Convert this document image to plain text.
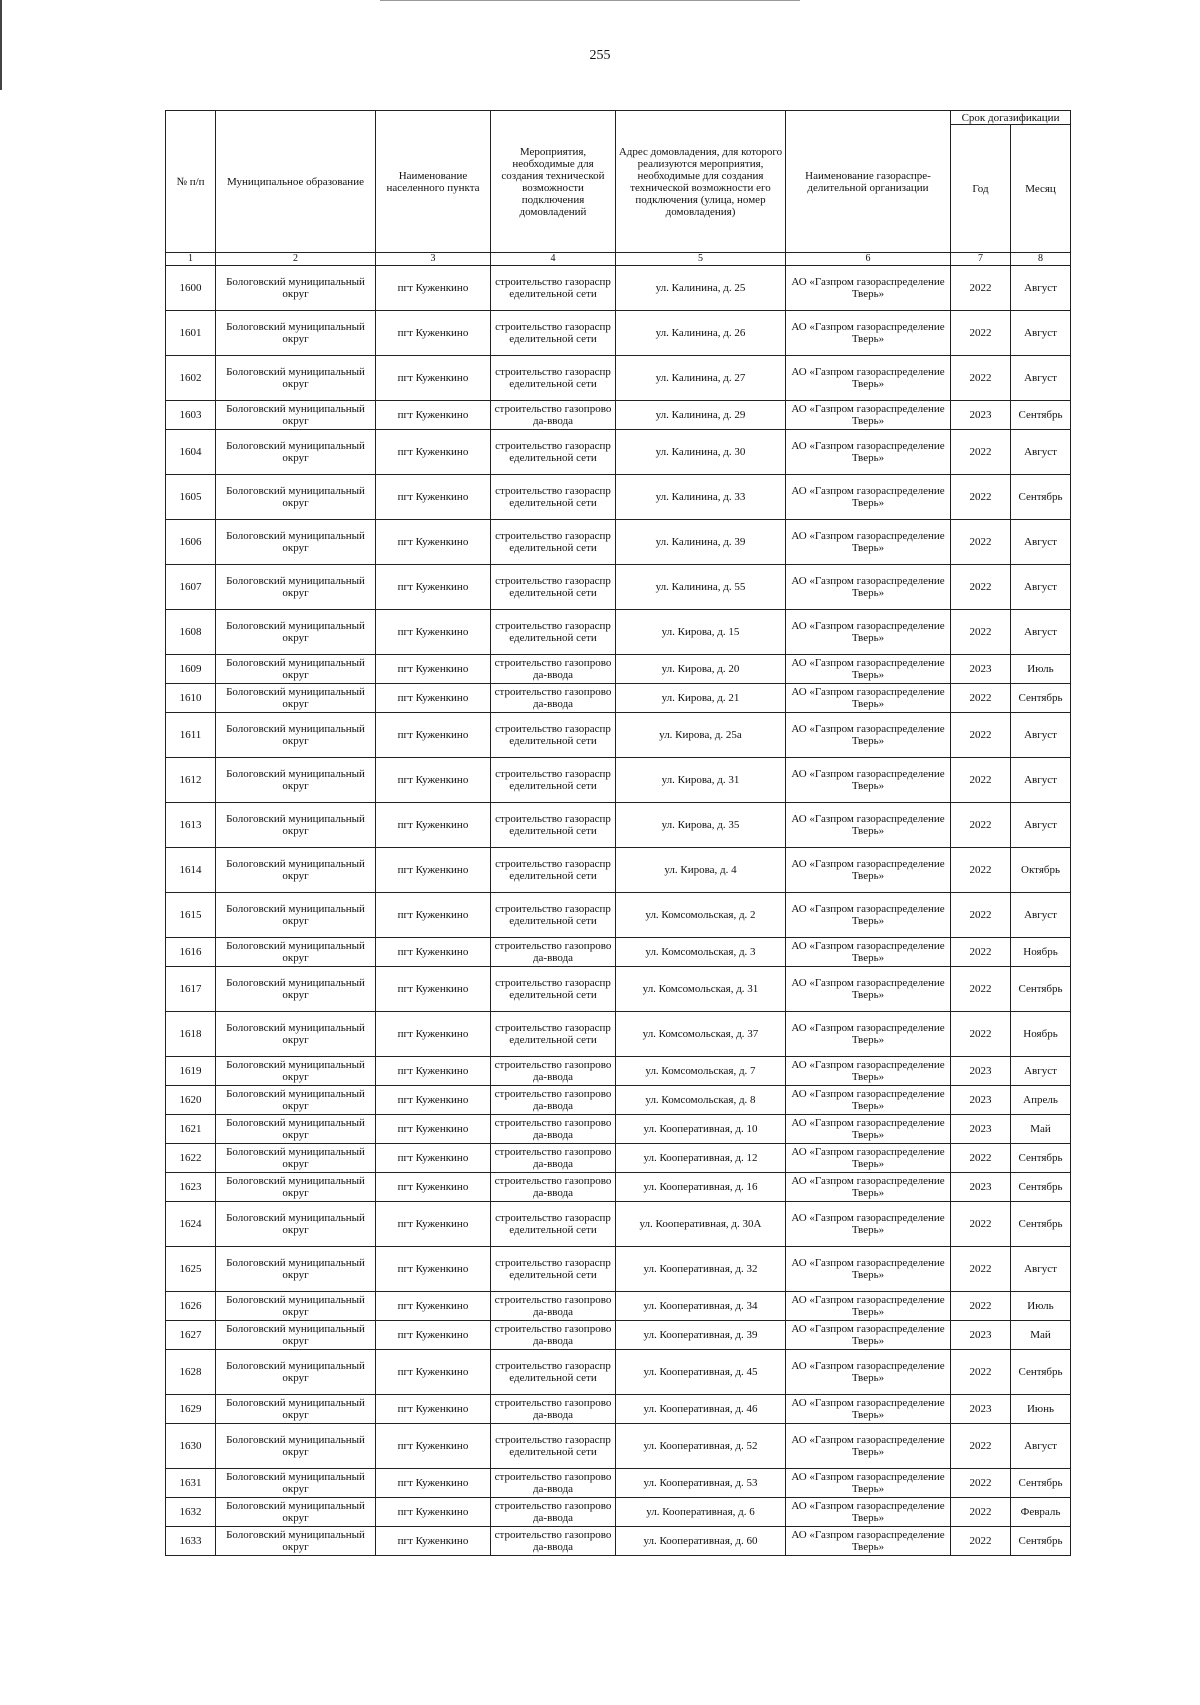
255
№ п/п	Муниципальное образование	Наименование населенного пункта	Мероприятия, необходимые для создания технической возможности подключения домовладений	Адрес домовладения, для которого реализуются мероприятия, необходимые для создания технической возможности его подключения (улица, номер домовладения)	Наименование газораспре-делительной организации	Срок догазификации	
						Год	Месяц
1	2	3	4	5	6	7	8
1600	Бологовский муниципальный округ	пгт Куженкино	строительство газораспределительной сети	ул. Калинина, д. 25	АО «Газпром газораспределение Тверь»	2022	Август
1601	Бологовский муниципальный округ	пгт Куженкино	строительство газораспределительной сети	ул. Калинина, д. 26	АО «Газпром газораспределение Тверь»	2022	Август
1602	Бологовский муниципальный округ	пгт Куженкино	строительство газораспределительной сети	ул. Калинина, д. 27	АО «Газпром газораспределение Тверь»	2022	Август
1603	Бологовский муниципальный округ	пгт Куженкино	строительство газопровода-ввода	ул. Калинина, д. 29	АО «Газпром газораспределение Тверь»	2023	Сентябрь
1604	Бологовский муниципальный округ	пгт Куженкино	строительство газораспределительной сети	ул. Калинина, д. 30	АО «Газпром газораспределение Тверь»	2022	Август
1605	Бологовский муниципальный округ	пгт Куженкино	строительство газораспределительной сети	ул. Калинина, д. 33	АО «Газпром газораспределение Тверь»	2022	Сентябрь
1606	Бологовский муниципальный округ	пгт Куженкино	строительство газораспределительной сети	ул. Калинина, д. 39	АО «Газпром газораспределение Тверь»	2022	Август
1607	Бологовский муниципальный округ	пгт Куженкино	строительство газораспределительной сети	ул. Калинина, д. 55	АО «Газпром газораспределение Тверь»	2022	Август
1608	Бологовский муниципальный округ	пгт Куженкино	строительство газораспределительной сети	ул. Кирова, д. 15	АО «Газпром газораспределение Тверь»	2022	Август
1609	Бологовский муниципальный округ	пгт Куженкино	строительство газопровода-ввода	ул. Кирова, д. 20	АО «Газпром газораспределение Тверь»	2023	Июль
1610	Бологовский муниципальный округ	пгт Куженкино	строительство газопровода-ввода	ул. Кирова, д. 21	АО «Газпром газораспределение Тверь»	2022	Сентябрь
1611	Бологовский муниципальный округ	пгт Куженкино	строительство газораспределительной сети	ул. Кирова, д. 25а	АО «Газпром газораспределение Тверь»	2022	Август
1612	Бологовский муниципальный округ	пгт Куженкино	строительство газораспределительной сети	ул. Кирова, д. 31	АО «Газпром газораспределение Тверь»	2022	Август
1613	Бологовский муниципальный округ	пгт Куженкино	строительство газораспределительной сети	ул. Кирова, д. 35	АО «Газпром газораспределение Тверь»	2022	Август
1614	Бологовский муниципальный округ	пгт Куженкино	строительство газораспределительной сети	ул. Кирова, д. 4	АО «Газпром газораспределение Тверь»	2022	Октябрь
1615	Бологовский муниципальный округ	пгт Куженкино	строительство газораспределительной сети	ул. Комсомольская, д. 2	АО «Газпром газораспределение Тверь»	2022	Август
1616	Бологовский муниципальный округ	пгт Куженкино	строительство газопровода-ввода	ул. Комсомольская, д. 3	АО «Газпром газораспределение Тверь»	2022	Ноябрь
1617	Бологовский муниципальный округ	пгт Куженкино	строительство газораспределительной сети	ул. Комсомольская, д. 31	АО «Газпром газораспределение Тверь»	2022	Сентябрь
1618	Бологовский муниципальный округ	пгт Куженкино	строительство газораспределительной сети	ул. Комсомольская, д. 37	АО «Газпром газораспределение Тверь»	2022	Ноябрь
1619	Бологовский муниципальный округ	пгт Куженкино	строительство газопровода-ввода	ул. Комсомольская, д. 7	АО «Газпром газораспределение Тверь»	2023	Август
1620	Бологовский муниципальный округ	пгт Куженкино	строительство газопровода-ввода	ул. Комсомольская, д. 8	АО «Газпром газораспределение Тверь»	2023	Апрель
1621	Бологовский муниципальный округ	пгт Куженкино	строительство газопровода-ввода	ул. Кооперативная, д. 10	АО «Газпром газораспределение Тверь»	2023	Май
1622	Бологовский муниципальный округ	пгт Куженкино	строительство газопровода-ввода	ул. Кооперативная, д. 12	АО «Газпром газораспределение Тверь»	2022	Сентябрь
1623	Бологовский муниципальный округ	пгт Куженкино	строительство газопровода-ввода	ул. Кооперативная, д. 16	АО «Газпром газораспределение Тверь»	2023	Сентябрь
1624	Бологовский муниципальный округ	пгт Куженкино	строительство газораспределительной сети	ул. Кооперативная, д. 30А	АО «Газпром газораспределение Тверь»	2022	Сентябрь
1625	Бологовский муниципальный округ	пгт Куженкино	строительство газораспределительной сети	ул. Кооперативная, д. 32	АО «Газпром газораспределение Тверь»	2022	Август
1626	Бологовский муниципальный округ	пгт Куженкино	строительство газопровода-ввода	ул. Кооперативная, д. 34	АО «Газпром газораспределение Тверь»	2022	Июль
1627	Бологовский муниципальный округ	пгт Куженкино	строительство газопровода-ввода	ул. Кооперативная, д. 39	АО «Газпром газораспределение Тверь»	2023	Май
1628	Бологовский муниципальный округ	пгт Куженкино	строительство газораспределительной сети	ул. Кооперативная, д. 45	АО «Газпром газораспределение Тверь»	2022	Сентябрь
1629	Бологовский муниципальный округ	пгт Куженкино	строительство газопровода-ввода	ул. Кооперативная, д. 46	АО «Газпром газораспределение Тверь»	2023	Июнь
1630	Бологовский муниципальный округ	пгт Куженкино	строительство газораспределительной сети	ул. Кооперативная, д. 52	АО «Газпром газораспределение Тверь»	2022	Август
1631	Бологовский муниципальный округ	пгт Куженкино	строительство газопровода-ввода	ул. Кооперативная, д. 53	АО «Газпром газораспределение Тверь»	2022	Сентябрь
1632	Бологовский муниципальный округ	пгт Куженкино	строительство газопровода-ввода	ул. Кооперативная, д. 6	АО «Газпром газораспределение Тверь»	2022	Февраль
1633	Бологовский муниципальный округ	пгт Куженкино	строительство газопровода-ввода	ул. Кооперативная, д. 60	АО «Газпром газораспределение Тверь»	2022	Сентябрь
